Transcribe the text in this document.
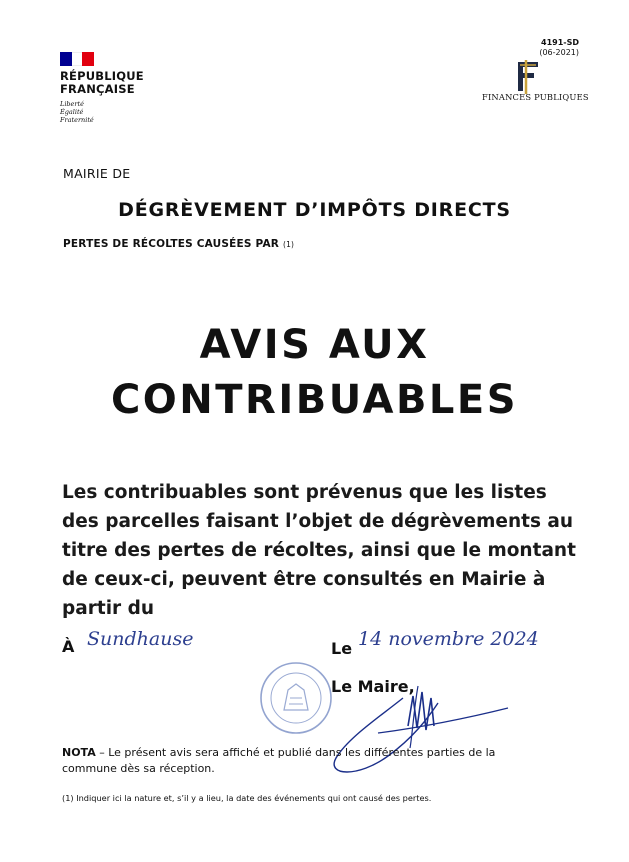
RÉPUBLIQUE
FRANÇAISE
Liberté
Égalité
Fraternité
4191-SD
(06-2021)
FINANCES PUBLIQUES
MAIRIE DE
DÉGRÈVEMENT D’IMPÔTS DIRECTS
PERTES DE RÉCOLTES CAUSÉES PAR (1)
AVIS AUX
CONTRIBUABLES
Les contribuables sont prévenus que les listes des parcelles faisant l’objet de dégrèvements au titre des pertes de récoltes, ainsi que le montant de ceux-ci, peuvent être consultés en Mairie à partir du
À Sundhause	Le 14 novembre 2024
Le Maire,
NOTA – Le présent avis sera affiché et publié dans les différentes parties de la commune dès sa réception.
(1) Indiquer ici la nature et, s’il y a lieu, la date des événements qui ont causé des pertes.
